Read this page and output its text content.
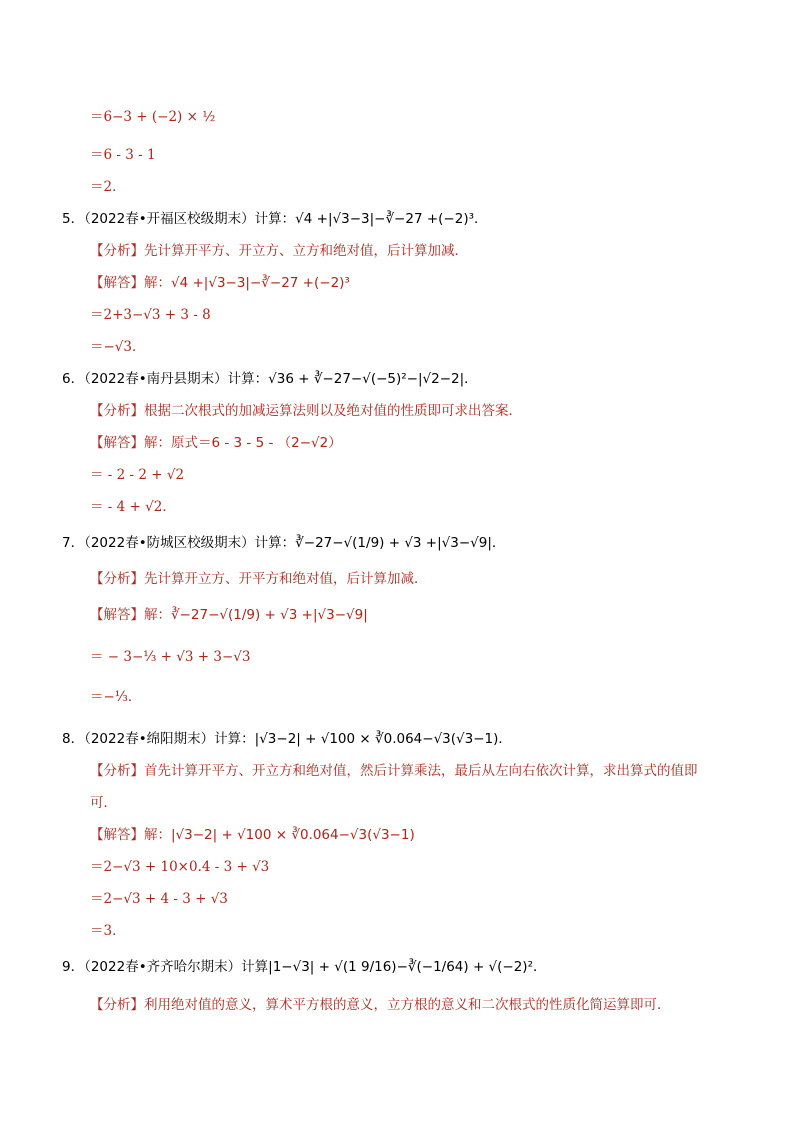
＝6−3 + (−2) × ½
＝6 - 3 - 1
＝2．
5．（2022春•开福区校级期末）计算：√4 +|√3−3|−∛−27 +(−2)³．
【分析】先计算开平方、开立方、立方和绝对值，后计算加减．
【解答】解：√4 +|√3−3|−∛−27 +(−2)³
＝2+3−√3 + 3 - 8
＝−√3．
6．（2022春•南丹县期末）计算：√36 + ∛−27−√(−5)²−|√2−2|．
【分析】根据二次根式的加减运算法则以及绝对值的性质即可求出答案．
【解答】解：原式＝6 - 3 - 5 - （2−√2）
＝ - 2 - 2 + √2
＝ - 4 + √2．
7．（2022春•防城区校级期末）计算：∛−27−√(1/9) + √3 +|√3−√9|．
【分析】先计算开立方、开平方和绝对值，后计算加减．
【解答】解：∛−27−√(1/9) + √3 +|√3−√9|
＝ − 3−⅓ + √3 + 3−√3
＝−⅓．
8．（2022春•绵阳期末）计算：|√3−2| + √100 × ∛0.064−√3(√3−1)．
【分析】首先计算开平方、开立方和绝对值，然后计算乘法，最后从左向右依次计算，求出算式的值即
可．
【解答】解：|√3−2| + √100 × ∛0.064−√3(√3−1)
＝2−√3 + 10×0.4 - 3 + √3
＝2−√3 + 4 - 3 + √3
＝3．
9．（2022春•齐齐哈尔期末）计算|1−√3| + √(1 9/16)−∛(−1/64) + √(−2)²．
【分析】利用绝对值的意义，算术平方根的意义，立方根的意义和二次根式的性质化简运算即可．
